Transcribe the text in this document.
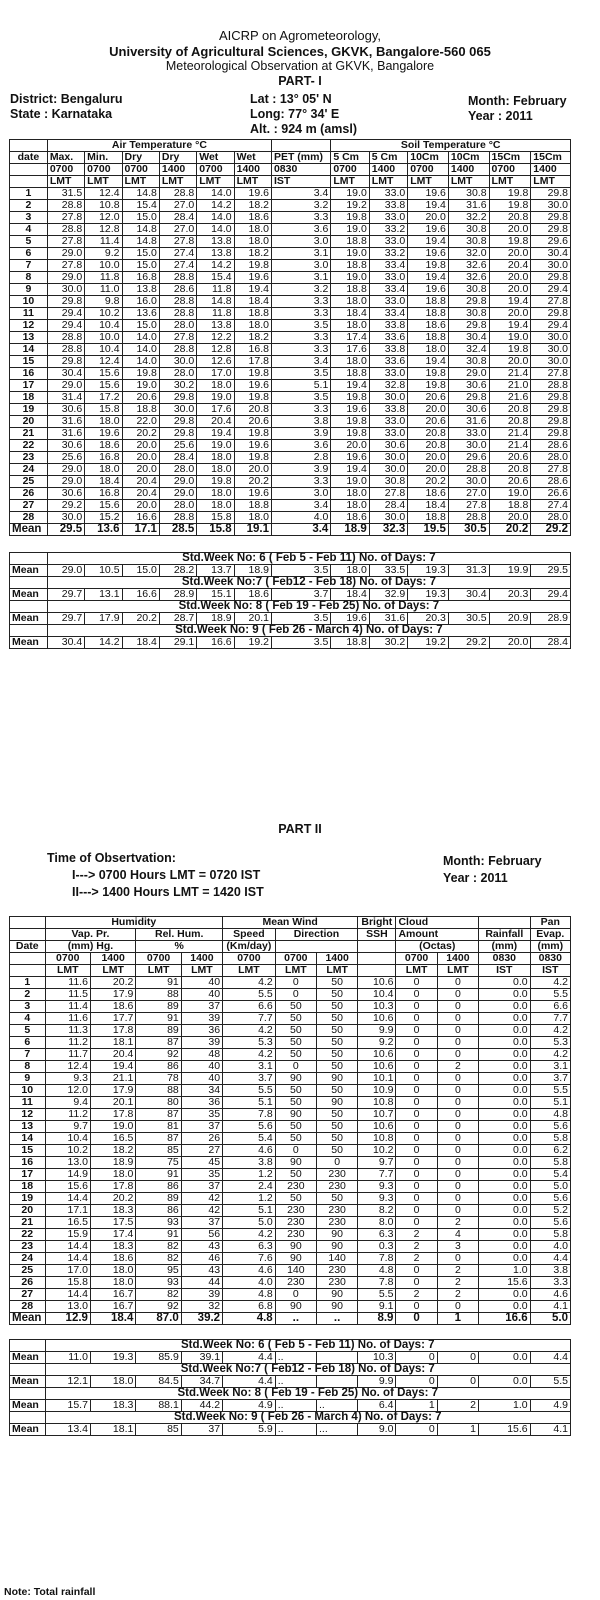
AICRP on Agrometeorology,
University of Agricultural Sciences, GKVK, Bangalore-560 065
Meteorological Observation at GKVK, Bangalore
PART- I
District: Bengaluru
State : Karnataka
Lat : 13° 05' N
Long: 77° 34' E
Alt. : 924 m (amsl)
Month: February
Year : 2011
	Air Temperature °C							Soil Temperature °C					
date	Max.	Min.	Dry	Dry	Wet	Wet	PET (mm)	5 Cm	5 Cm	10Cm	10Cm	15Cm	15Cm
	0700	0700	0700	1400	0700	1400	0830	0700	1400	0700	1400	0700	1400
	LMT	LMT	LMT	LMT	LMT	LMT	IST	LMT	LMT	LMT	LMT	LMT	LMT
1	31.5	12.4	14.8	28.8	14.0	19.6	3.4	19.0	33.0	19.6	30.8	19.8	29.8
2	28.8	10.8	15.4	27.0	14.2	18.2	3.2	19.2	33.8	19.4	31.6	19.8	30.0
3	27.8	12.0	15.0	28.4	14.0	18.6	3.3	19.8	33.0	20.0	32.2	20.8	29.8
4	28.8	12.8	14.8	27.0	14.0	18.0	3.6	19.0	33.2	19.6	30.8	20.0	29.8
5	27.8	11.4	14.8	27.8	13.8	18.0	3.0	18.8	33.0	19.4	30.8	19.8	29.6
6	29.0	9.2	15.0	27.4	13.8	18.2	3.1	19.0	33.2	19.6	32.0	20.0	30.4
7	27.8	10.0	15.0	27.4	14.2	19.8	3.0	18.8	33.4	19.8	32.6	20.4	30.0
8	29.0	11.8	16.8	28.8	15.4	19.6	3.1	19.0	33.0	19.4	32.6	20.0	29.8
9	30.0	11.0	13.8	28.6	11.8	19.4	3.2	18.8	33.4	19.6	30.8	20.0	29.4
10	29.8	9.8	16.0	28.8	14.8	18.4	3.3	18.0	33.0	18.8	29.8	19.4	27.8
11	29.4	10.2	13.6	28.8	11.8	18.8	3.3	18.4	33.4	18.8	30.8	20.0	29.8
12	29.4	10.4	15.0	28.0	13.8	18.0	3.5	18.0	33.8	18.6	29.8	19.4	29.4
13	28.8	10.0	14.0	27.8	12.2	18.2	3.3	17.4	33.6	18.8	30.4	19.0	30.0
14	28.8	10.4	14.0	28.8	12.8	16.8	3.3	17.6	33.8	18.0	32.4	19.8	30.0
15	29.8	12.4	14.0	30.0	12.6	17.8	3.4	18.0	33.6	19.4	30.8	20.0	30.0
16	30.4	15.6	19.8	28.0	17.0	19.8	3.5	18.8	33.0	19.8	29.0	21.4	27.8
17	29.0	15.6	19.0	30.2	18.0	19.6	5.1	19.4	32.8	19.8	30.6	21.0	28.8
18	31.4	17.2	20.6	29.8	19.0	19.8	3.5	19.8	30.0	20.6	29.8	21.6	29.8
19	30.6	15.8	18.8	30.0	17.6	20.8	3.3	19.6	33.8	20.0	30.6	20.8	29.8
20	31.6	18.0	22.0	29.8	20.4	20.6	3.8	19.8	33.0	20.6	31.6	20.8	29.8
21	31.6	19.6	20.2	29.8	19.4	19.8	3.9	19.8	33.0	20.8	33.0	21.4	29.8
22	30.6	18.6	20.0	25.6	19.0	19.6	3.6	20.0	30.6	20.8	30.0	21.4	28.6
23	25.6	16.8	20.0	28.4	18.0	19.8	2.8	19.6	30.0	20.0	29.6	20.6	28.0
24	29.0	18.0	20.0	28.0	18.0	20.0	3.9	19.4	30.0	20.0	28.8	20.8	27.8
25	29.0	18.4	20.4	29.0	19.8	20.2	3.3	19.0	30.8	20.2	30.0	20.6	28.6
26	30.6	16.8	20.4	29.0	18.0	19.6	3.0	18.0	27.8	18.6	27.0	19.0	26.6
27	29.2	15.6	20.0	28.0	18.0	18.8	3.4	18.0	28.4	18.4	27.8	18.8	27.4
28	30.0	15.2	16.6	28.8	15.8	18.0	4.0	18.6	30.0	18.8	28.8	20.0	28.0
Mean	29.5	13.6	17.1	28.5	15.8	19.1	3.4	18.9	32.3	19.5	30.5	20.2	29.2

	Std.Week No: 6 ( Feb 5 - Feb 11) No. of Days: 7												
Mean	29.0	10.5	15.0	28.2	13.7	18.9	3.5	18.0	33.5	19.3	31.3	19.9	29.5
	Std.Week No:7 ( Feb12 - Feb 18) No. of Days: 7												
Mean	29.7	13.1	16.6	28.9	15.1	18.6	3.7	18.4	32.9	19.3	30.4	20.3	29.4
	Std.Week No: 8 ( Feb 19 - Feb 25) No. of Days: 7												
Mean	29.7	17.9	20.2	28.7	18.9	20.1	3.5	19.6	31.6	20.3	30.5	20.9	28.9
	Std.Week No: 9 ( Feb 26 - March 4) No. of Days: 7												
Mean	30.4	14.2	18.4	29.1	16.6	19.2	3.5	18.8	30.2	19.2	29.2	20.0	28.4
PART II
Time of Obsertvation:
I---> 0700 Hours LMT = 0720 IST
II---> 1400 Hours LMT = 1420 IST
Month: February
Year : 2011
	Humidity				Mean Wind			Bright	Cloud			Pan
	Vap. Pr.		Rel. Hum.		Speed	Direction		SSH	Amount		Rainfall	Evap.
Date	(mm) Hg.		%		(Km/day)				(Octas)		(mm)	(mm)
	0700	1400	0700	1400	0700	0700	1400		0700	1400	0830	0830
	LMT	LMT	LMT	LMT	LMT	LMT	LMT		LMT	LMT	IST	IST
1	11.6	20.2	91	40	4.2	0	50	10.6	0	0	0.0	4.2
2	11.5	17.9	88	40	5.5	0	50	10.4	0	0	0.0	5.5
3	11.4	18.6	89	37	6.6	50	50	10.3	0	0	0.0	6.6
4	11.6	17.7	91	39	7.7	50	50	10.6	0	0	0.0	7.7
5	11.3	17.8	89	36	4.2	50	50	9.9	0	0	0.0	4.2
6	11.2	18.1	87	39	5.3	50	50	9.2	0	0	0.0	5.3
7	11.7	20.4	92	48	4.2	50	50	10.6	0	0	0.0	4.2
8	12.4	19.4	86	40	3.1	0	50	10.6	0	2	0.0	3.1
9	9.3	21.1	78	40	3.7	90	90	10.1	0	0	0.0	3.7
10	12.0	17.9	88	34	5.5	50	50	10.9	0	0	0.0	5.5
11	9.4	20.1	80	36	5.1	50	90	10.8	0	0	0.0	5.1
12	11.2	17.8	87	35	7.8	90	50	10.7	0	0	0.0	4.8
13	9.7	19.0	81	37	5.6	50	50	10.6	0	0	0.0	5.6
14	10.4	16.5	87	26	5.4	50	50	10.8	0	0	0.0	5.8
15	10.2	18.2	85	27	4.6	0	50	10.2	0	0	0.0	6.2
16	13.0	18.9	75	45	3.8	90	0	9.7	0	0	0.0	5.8
17	14.9	18.0	91	35	1.2	50	230	7.7	0	0	0.0	5.4
18	15.6	17.8	86	37	2.4	230	230	9.3	0	0	0.0	5.0
19	14.4	20.2	89	42	1.2	50	50	9.3	0	0	0.0	5.6
20	17.1	18.3	86	42	5.1	230	230	8.2	0	0	0.0	5.2
21	16.5	17.5	93	37	5.0	230	230	8.0	0	2	0.0	5.6
22	15.9	17.4	91	56	4.2	230	90	6.3	2	4	0.0	5.8
23	14.4	18.3	82	43	6.3	90	90	0.3	2	3	0.0	4.0
24	14.4	18.6	82	46	7.6	90	140	7.8	2	0	0.0	4.4
25	17.0	18.0	95	43	4.6	140	230	4.8	0	2	1.0	3.8
26	15.8	18.0	93	44	4.0	230	230	7.8	0	2	15.6	3.3
27	14.4	16.7	82	39	4.8	0	90	5.5	2	2	0.0	4.6
28	13.0	16.7	92	32	6.8	90	90	9.1	0	0	0.0	4.1
Mean	12.9	18.4	87.0	39.2	4.8	..	..	8.9	0	1	16.6	5.0

	Std.Week No: 6 ( Feb 5 - Feb 11) No. of Days: 7											
Mean	11.0	19.3	85.9	39.1	4.4	..		10.3	0	0	0.0	4.4
	Std.Week No:7 ( Feb12 - Feb 18) No. of Days: 7											
Mean	12.1	18.0	84.5	34.7	4.4	..		9.9	0	0	0.0	5.5
	Std.Week No: 8 ( Feb 19 - Feb 25) No. of Days: 7											
Mean	15.7	18.3	88.1	44.2	4.9	..	..	6.4	1	2	1.0	4.9
	Std.Week No: 9 ( Feb 26 - March 4) No. of Days: 7											
Mean	13.4	18.1	85	37	5.9	..	...	9.0	0	1	15.6	4.1
Note: Total rainfall
